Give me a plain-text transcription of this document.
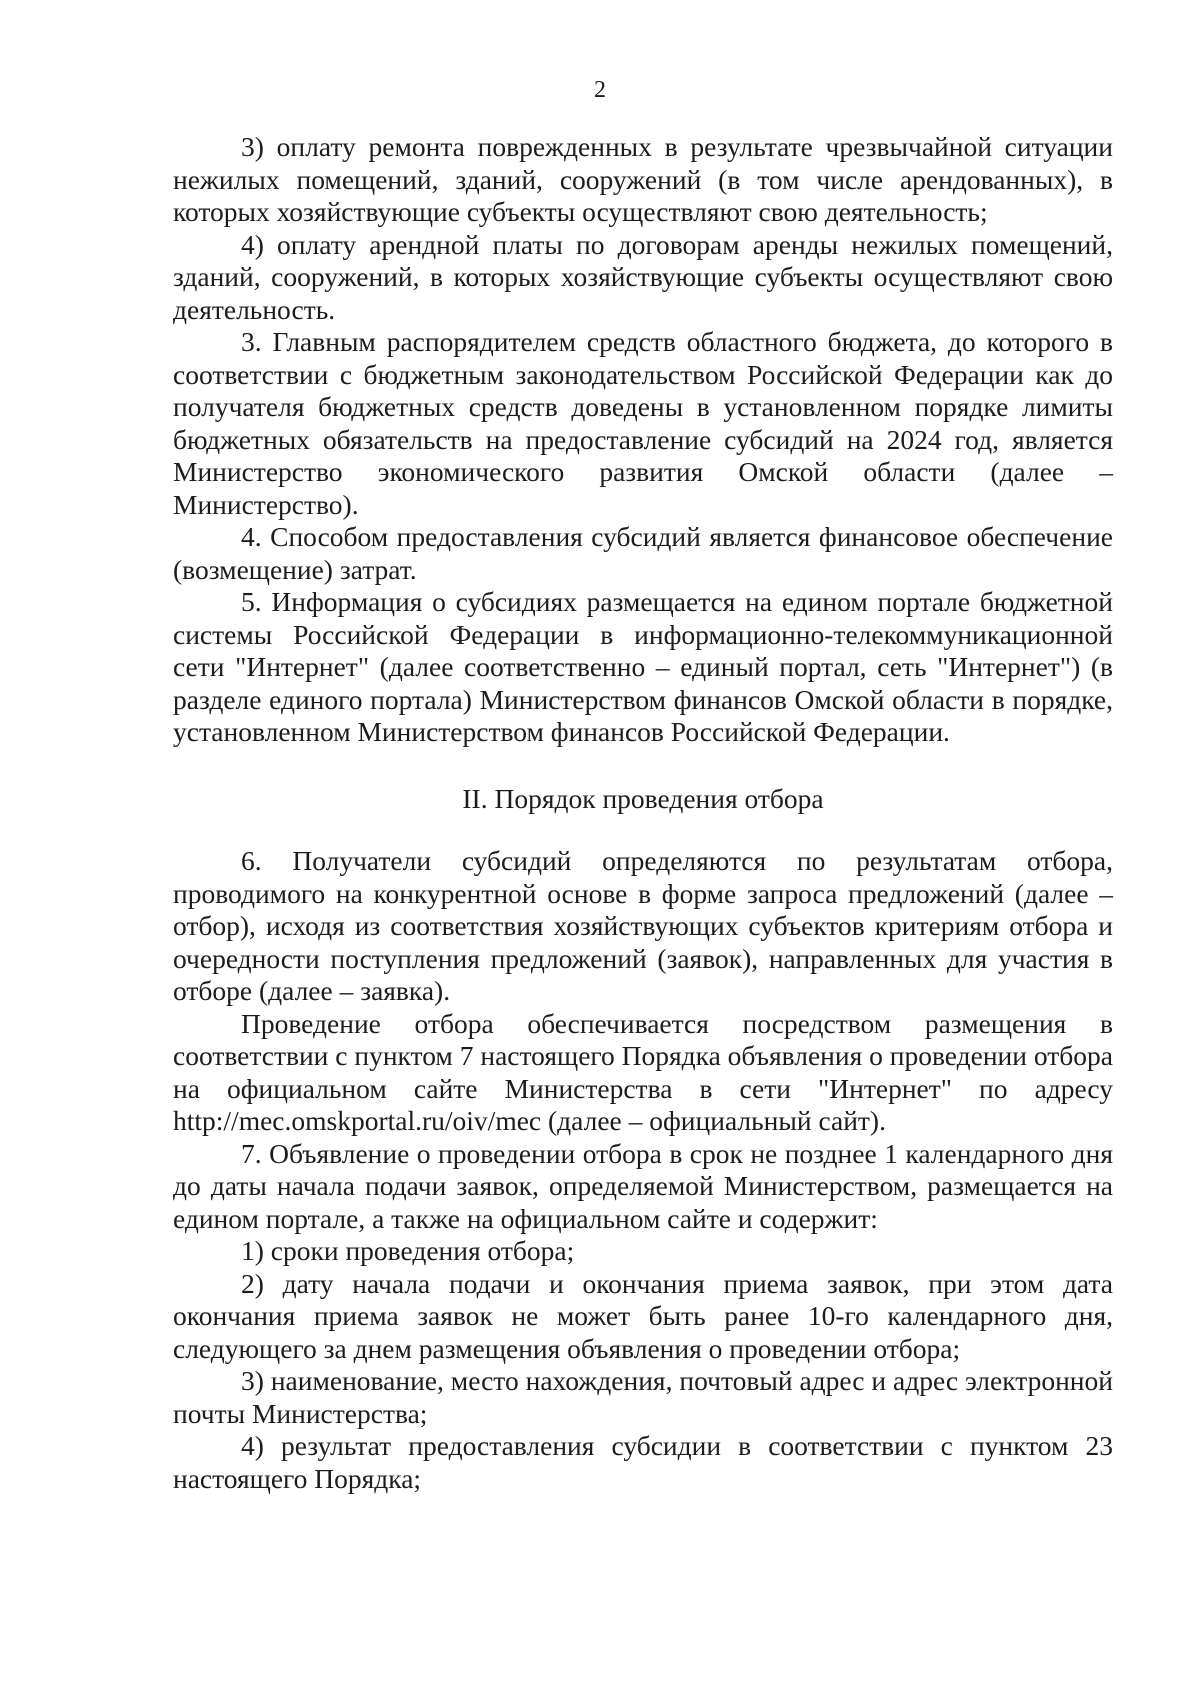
2

3) оплату ремонта поврежденных в результате чрезвычайной ситуации нежилых помещений, зданий, сооружений (в том числе арендованных), в которых хозяйствующие субъекты осуществляют свою деятельность;

4) оплату арендной платы по договорам аренды нежилых помещений, зданий, сооружений, в которых хозяйствующие субъекты осуществляют свою деятельность.

3. Главным распорядителем средств областного бюджета, до которого в соответствии с бюджетным законодательством Российской Федерации как до получателя бюджетных средств доведены в установленном порядке лимиты бюджетных обязательств на предоставление субсидий на 2024 год, является Министерство экономического развития Омской области (далее – Министерство).

4. Способом предоставления субсидий является финансовое обеспечение (возмещение) затрат.

5. Информация о субсидиях размещается на едином портале бюджетной системы Российской Федерации в информационно-телекоммуникационной сети "Интернет" (далее соответственно – единый портал, сеть "Интернет") (в разделе единого портала) Министерством финансов Омской области в порядке, установленном Министерством финансов Российской Федерации.

II. Порядок проведения отбора

6. Получатели субсидий определяются по результатам отбора, проводимого на конкурентной основе в форме запроса предложений (далее – отбор), исходя из соответствия хозяйствующих субъектов критериям отбора и очередности поступления предложений (заявок), направленных для участия в отборе (далее – заявка).

Проведение отбора обеспечивается посредством размещения в соответствии с пунктом 7 настоящего Порядка объявления о проведении отбора на официальном сайте Министерства в сети "Интернет" по адресу http://mec.omskportal.ru/oiv/mec (далее – официальный сайт).

7. Объявление о проведении отбора в срок не позднее 1 календарного дня до даты начала подачи заявок, определяемой Министерством, размещается на едином портале, а также на официальном сайте и содержит:

1) сроки проведения отбора;

2) дату начала подачи и окончания приема заявок, при этом дата окончания приема заявок не может быть ранее 10-го календарного дня, следующего за днем размещения объявления о проведении отбора;

3) наименование, место нахождения, почтовый адрес и адрес электронной почты Министерства;

4) результат предоставления субсидии в соответствии с пунктом 23 настоящего Порядка;
